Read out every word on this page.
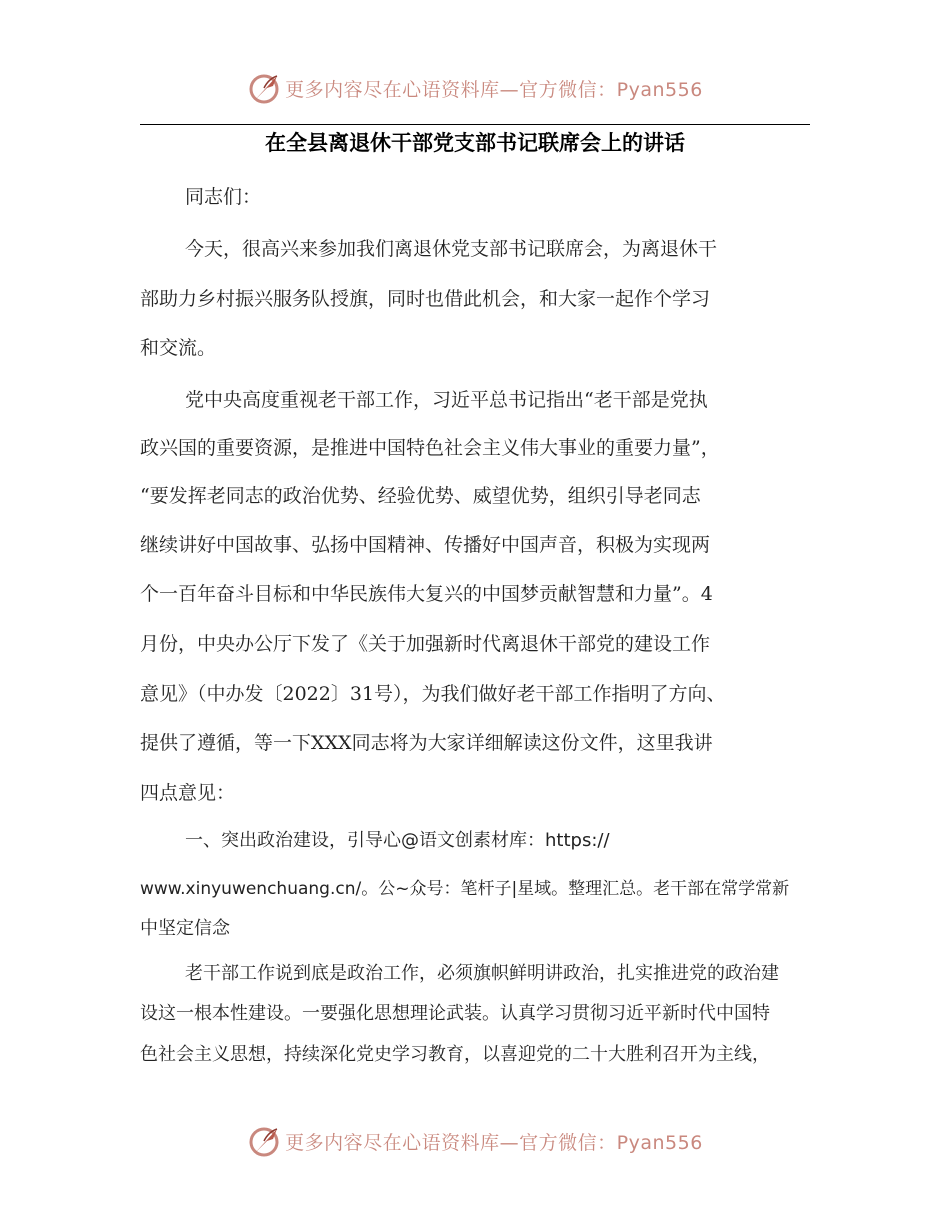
更多内容尽在心语资料库—官方微信：Pyan556
在全县离退休干部党支部书记联席会上的讲话
同志们：
今天，很高兴来参加我们离退休党支部书记联席会，为离退休干
部助力乡村振兴服务队授旗，同时也借此机会，和大家一起作个学习
和交流。
党中央高度重视老干部工作，习近平总书记指出“老干部是党执
政兴国的重要资源，是推进中国特色社会主义伟大事业的重要力量”，
“要发挥老同志的政治优势、经验优势、威望优势，组织引导老同志
继续讲好中国故事、弘扬中国精神、传播好中国声音，积极为实现两
个一百年奋斗目标和中华民族伟大复兴的中国梦贡献智慧和力量”。4
月份，中央办公厅下发了《关于加强新时代离退休干部党的建设工作
意见》（中办发〔2022〕31号），为我们做好老干部工作指明了方向、
提供了遵循，等一下XXX同志将为大家详细解读这份文件，这里我讲
四点意见：
一、突出政治建设，引导心@语文创素材库：https://
www.xinyuwenchuang.cn/。公~众号：笔杆子|星域。整理汇总。老干部在常学常新
中坚定信念
老干部工作说到底是政治工作，必须旗帜鲜明讲政治，扎实推进党的政治建
设这一根本性建设。一要强化思想理论武装。认真学习贯彻习近平新时代中国特
色社会主义思想，持续深化党史学习教育，以喜迎党的二十大胜利召开为主线，
更多内容尽在心语资料库—官方微信：Pyan556
